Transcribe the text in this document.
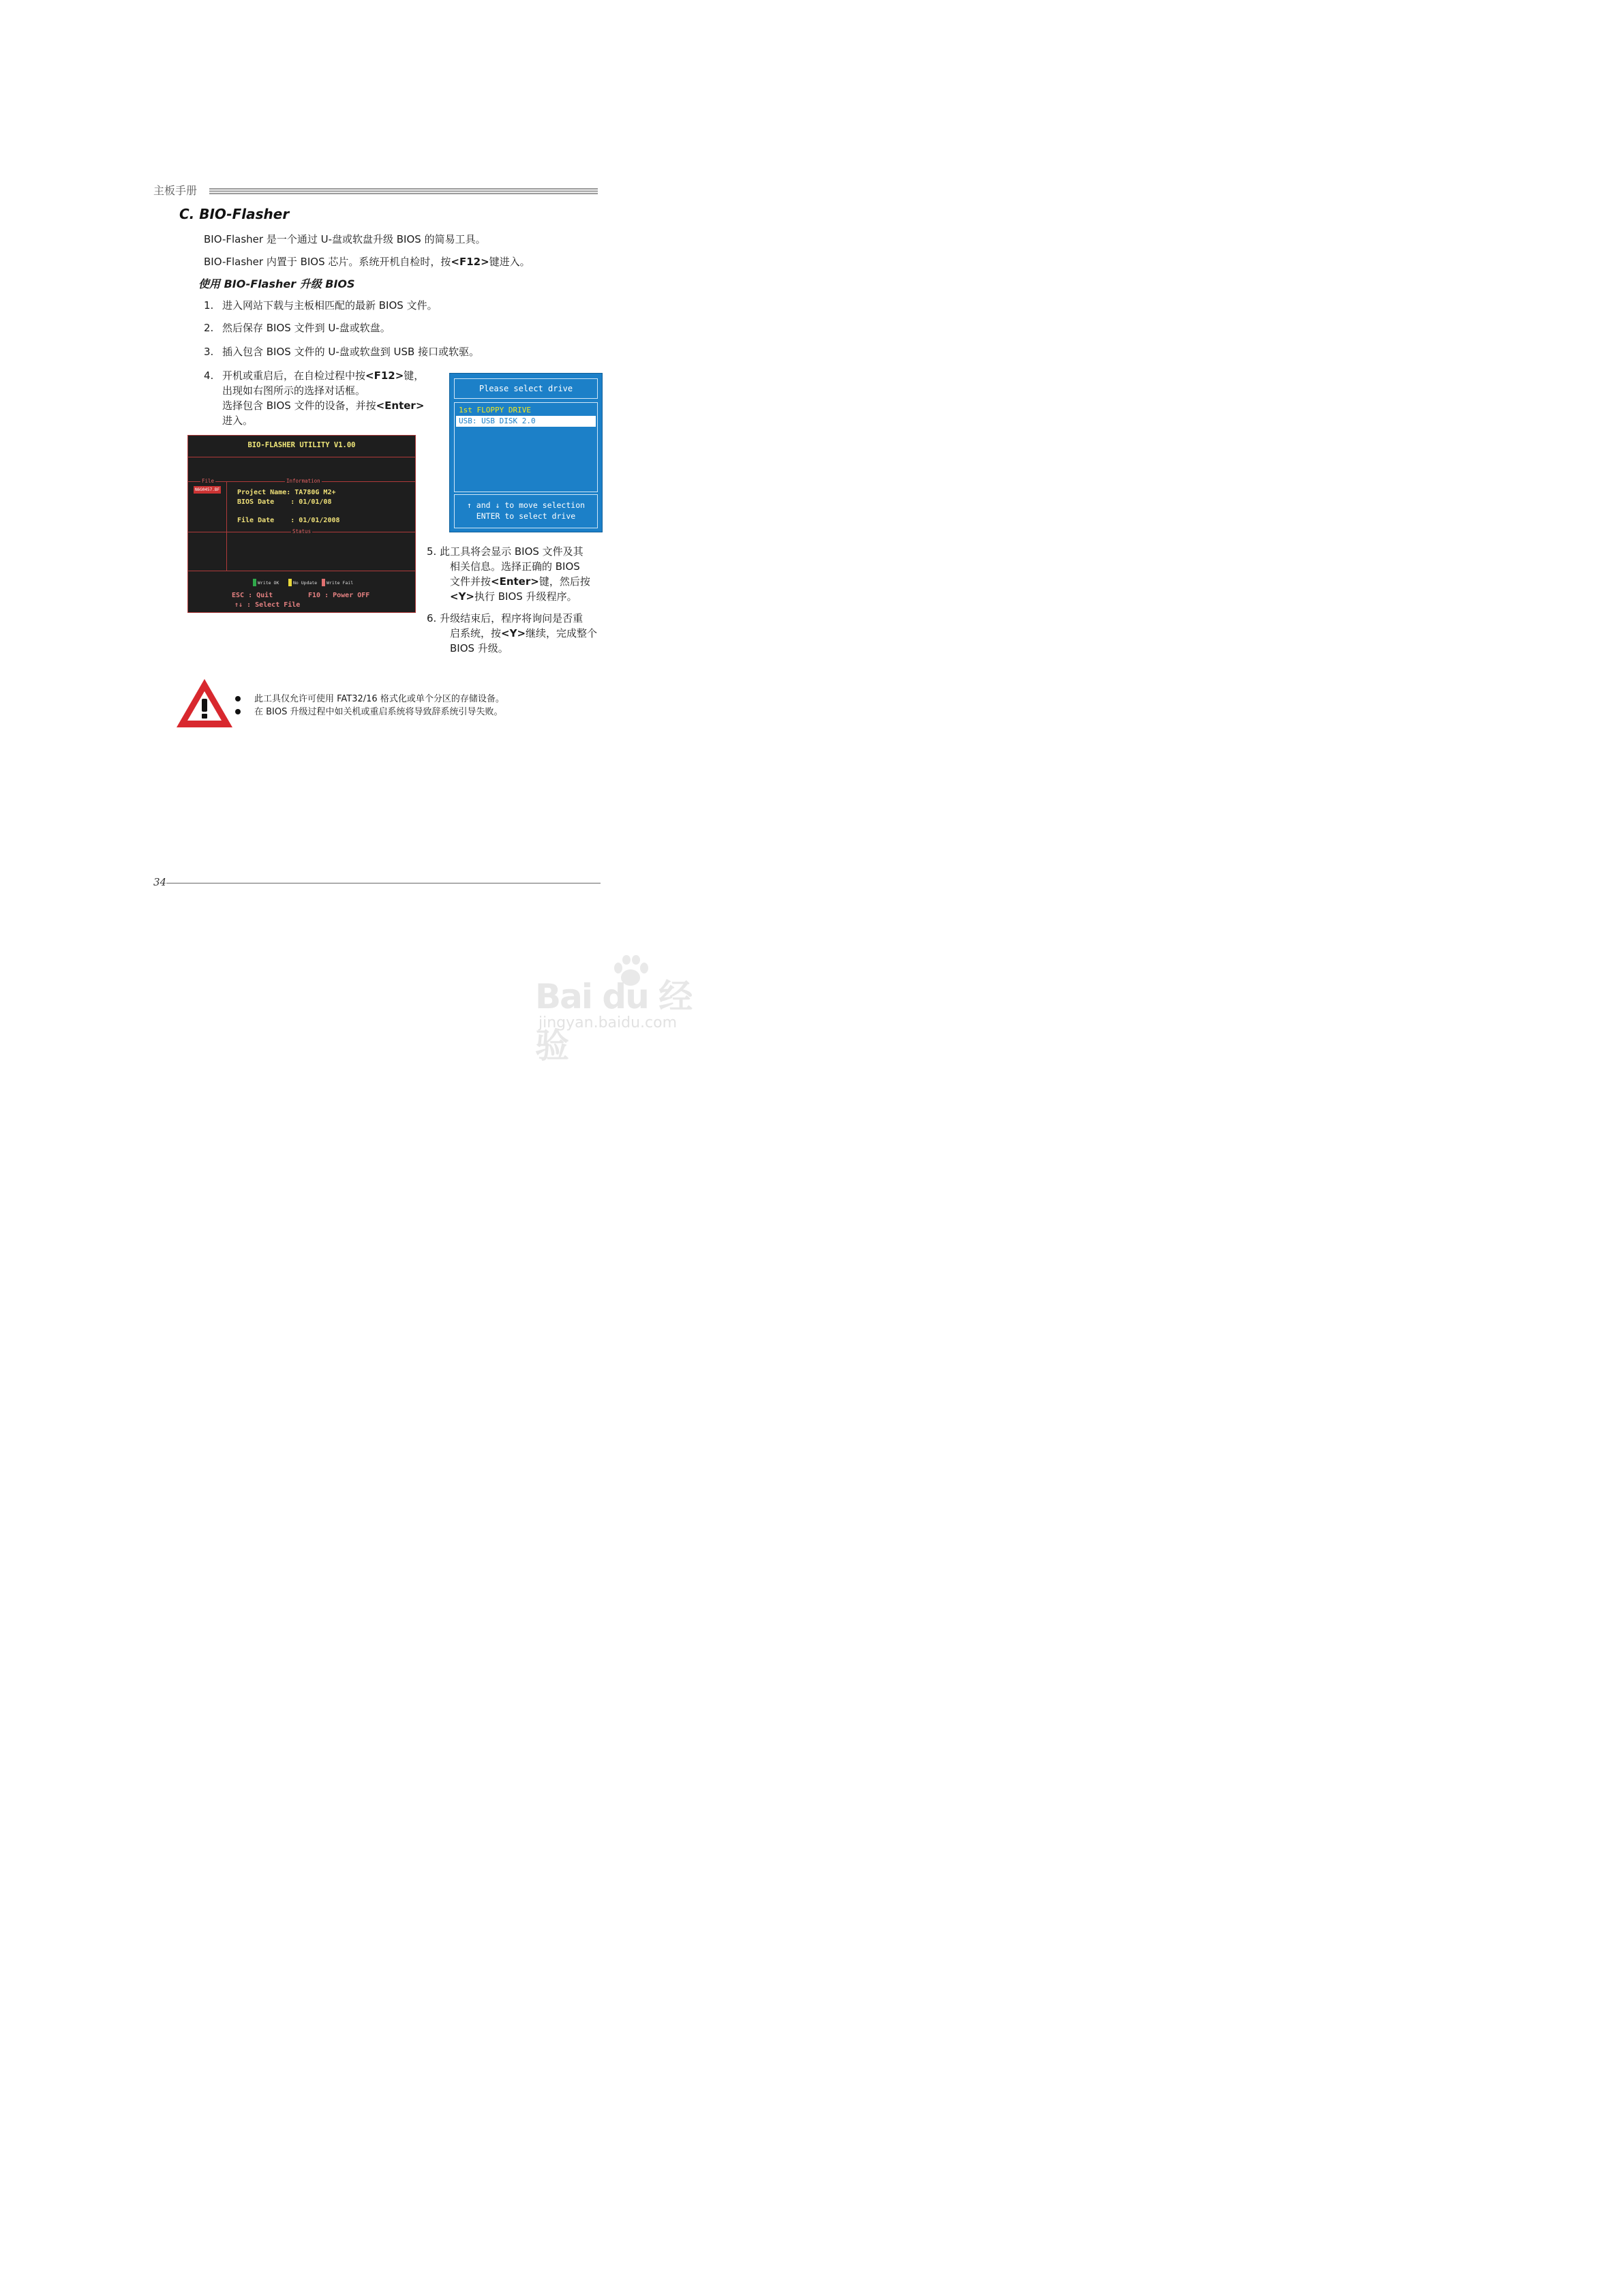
主板手册
C. BIO-Flasher
BIO-Flasher 是一个通过 U-盘或软盘升级 BIOS 的简易工具。
BIO-Flasher 内置于 BIOS 芯片。系统开机自检时，按<F12>键进入。
使用 BIO-Flasher 升级 BIOS
1. 进入网站下载与主板相匹配的最新 BIOS 文件。
2. 然后保存 BIOS 文件到 U-盘或软盘。
3. 插入包含 BIOS 文件的 U-盘或软盘到 USB 接口或软驱。
4. 开机或重启后，在自检过程中按<F12>键，
出现如右图所示的选择对话框。
选择包含 BIOS 文件的设备，并按<Enter>
进入。
Please select drive
1st FLOPPY DRIVE
USB: USB DISK 2.0
↑ and ↓ to move selection
ENTER to select drive
BIO-FLASHER UTILITY V1.00
File	Information
Status
N6G0457.BF	Project Name: TA780G M2+
BIOS Date    : 01/01/08
File Date    : 01/01/2008
Write OK	No Update Write Fail
ESC : Quit	F10 : Power OFF
↑↓ : Select File
5. 此工具将会显示 BIOS 文件及其
相关信息。选择正确的 BIOS
文件并按<Enter>键，然后按
<Y>执行 BIOS 升级程序。
6. 升级结束后，程序将询问是否重
启系统，按<Y>继续，完成整个
BIOS 升级。
此工具仅允许可使用 FAT32/16 格式化或单个分区的存储设备。
在 BIOS 升级过程中如关机或重启系统将导致辞系统引导失败。
34
Bai du 经验
jingyan.baidu.com
